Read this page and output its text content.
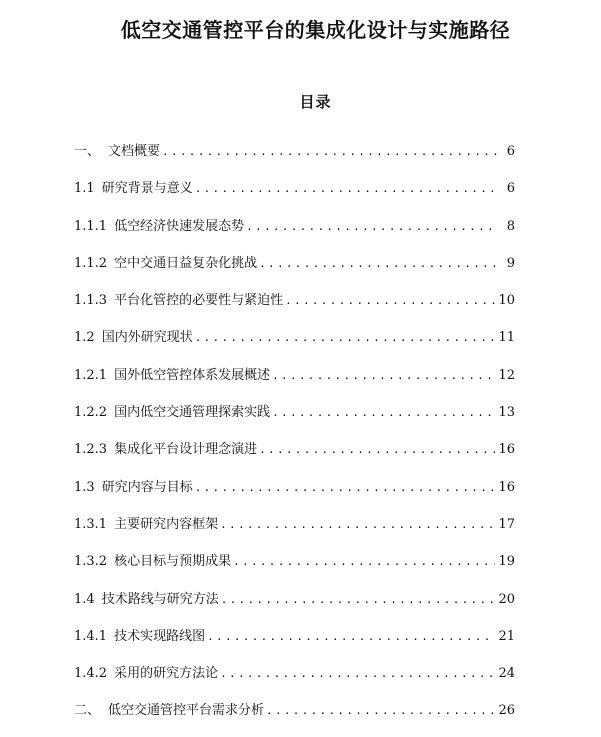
低空交通管控平台的集成化设计与实施路径
目录
一、 文档概要 .....	6
1.1 研究背景与意义 .....	6
1.1.1 低空经济快速发展态势 .....	8
1.1.2 空中交通日益复杂化挑战 .....	9
1.1.3 平台化管控的必要性与紧迫性 .....	10
1.2 国内外研究现状 .....	11
1.2.1 国外低空管控体系发展概述 .....	12
1.2.2 国内低空交通管理探索实践 .....	13
1.2.3 集成化平台设计理念演进 .....	16
1.3 研究内容与目标 .....	16
1.3.1 主要研究内容框架 .....	17
1.3.2 核心目标与预期成果 .....	19
1.4 技术路线与研究方法 .....	20
1.4.1 技术实现路线图 .....	21
1.4.2 采用的研究方法论 .....	24
二、 低空交通管控平台需求分析 .....	26
